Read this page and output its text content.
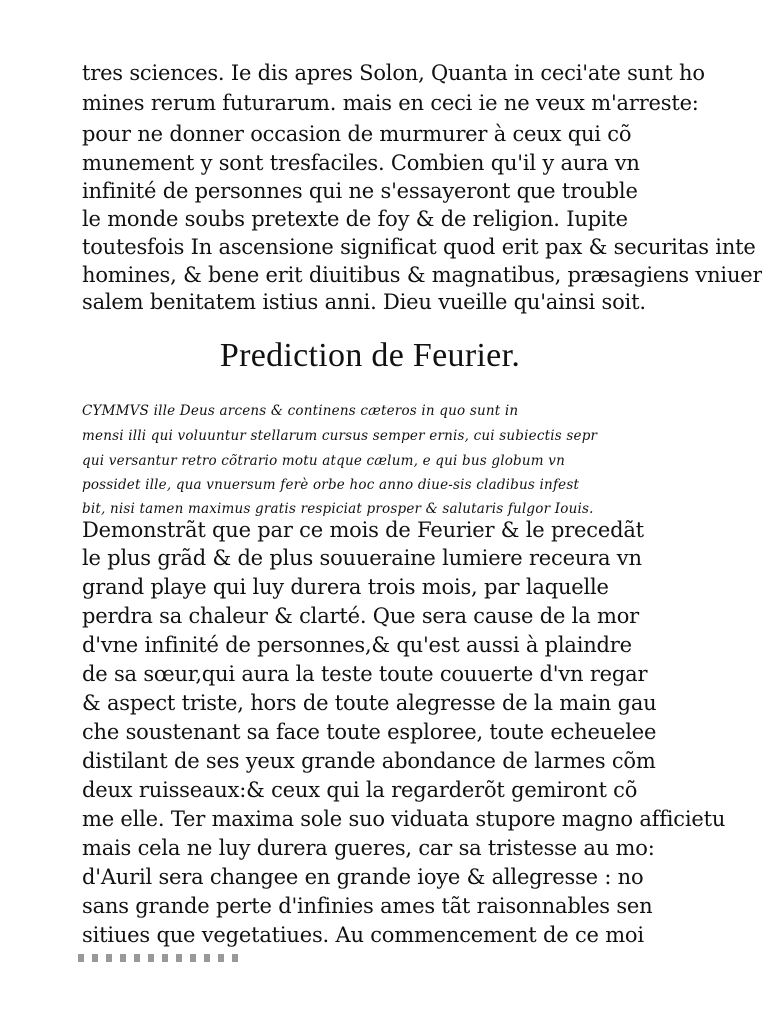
tres sciences. Ie dis apres Solon, Quanta in ceci'ate sunt ho
mines rerum futurarum. mais en ceci ie ne veux m'arreste:
pour ne donner occasion de murmurer à ceux qui cõ
munement y sont tresfaciles. Combien qu'il y aura vn
infinité de personnes qui ne s'essayeront que trouble
le monde soubs pretexte de foy & de religion. Iupite
toutesfois In ascensione significat quod erit pax & securitas inte
homines, & bene erit diuitibus & magnatibus, præsagiens vniuer
salem benitatem istius anni. Dieu vueille qu'ainsi soit.
Prediction de Feurier.
CYMMVS ille Deus arcens & continens cæteros in quo sunt in
mensi illi qui voluuntur stellarum cursus semper ernis, cui subiectis sepr
qui versantur retro cõtrario motu atque cælum, e qui bus globum vn
possidet ille, qua vnuersum ferè orbe hoc anno diue-sis cladibus infest
bit, nisi tamen maximus gratis respiciat prosper & salutaris fulgor Iouis.
Demonstrãt que par ce mois de Feurier & le precedãt
le plus grãd & de plus souueraine lumiere receura vn
grand playe qui luy durera trois mois, par laquelle
perdra sa chaleur & clarté. Que sera cause de la mor
d'vne infinité de personnes,& qu'est aussi à plaindre
de sa sœur,qui aura la teste toute couuerte d'vn regar
& aspect triste, hors de toute alegresse de la main gau
che soustenant sa face toute esploree, toute echeuelee
distilant de ses yeux grande abondance de larmes cõm
deux ruisseaux:& ceux qui la regarderõt gemiront cõ
me elle. Ter maxima sole suo viduata stupore magno afficietu
mais cela ne luy durera gueres, car sa tristesse au mo:
d'Auril sera changee en grande ioye & allegresse : no
sans grande perte d'infinies ames tãt raisonnables sen
sitiues que vegetatiues. Au commencement de ce moi
